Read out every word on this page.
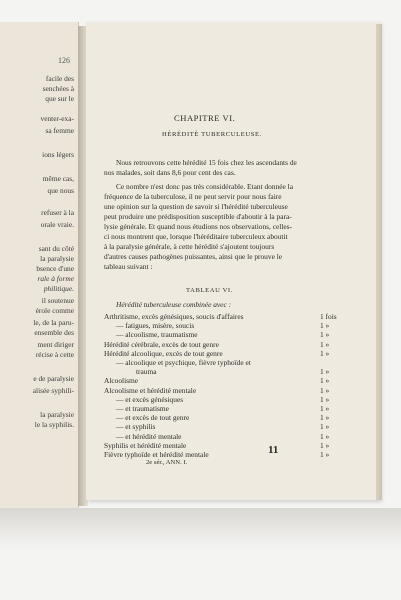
126
facile des
senchées à
que sur le
venter-exa-
sa femme
ions légers
même cas,
que nous
refuser à la
orale vraie.
sant du côté
la paralysie
bsence d'une
rale à forme
philitique.
il soutenue
érole comme
le, de la paru-
ensemble des
ment diriger
récise à cette
e de paralysie
alisée syphili-
la paralysie
le la syphilis.
CHAPITRE VI.
HÉRÉDITÉ TUBERCULEUSE.
Nous retrouvons cette hérédité 15 fois chez les ascendants de
nos malades, soit dans 8,6 pour cent des cas.
Ce nombre n'est donc pas très considérable. Etant donnée la
fréquence de la tuberculose, il ne peut servir pour nous faire
une opinion sur la question de savoir si l'hérédité tuberculeuse
peut produire une prédisposition susceptible d'aboutir à la para-
lysie générale. Et quand nous étudions nos observations, celles-
ci nous montrent que, lorsque l'héréditaire tuberculeux aboutit
à la paralysie générale, à cette hérédité s'ajoutent toujours
d'autres causes pathogènes puissantes, ainsi que le prouve le
tableau suivant :
TABLEAU VI.
Hérédité tuberculeuse combinée avec :
Arthritisme, excès génésiques, soucis d'affaires	1 fois
— fatigues, misère, soucis	1 »
— alcoolisme, traumatisme	1 »
Hérédité cérébrale, excès de tout genre	1 »
Hérédité alcoolique, excès de tout genre	1 »
— alcoolique et psychique, fièvre typhoïde et
trauma	1 »
Alcoolisme	1 »
Alcoolisme et hérédité mentale	1 »
— et excès génésiques	1 »
— et traumatisme	1 »
— et excès de tout genre	1 »
— et syphilis	1 »
— et hérédité mentale	1 »
Syphilis et hérédité mentale	1 »
Fièvre typhoïde et hérédité mentale	1 »
2e sér., ANN. I.
11
